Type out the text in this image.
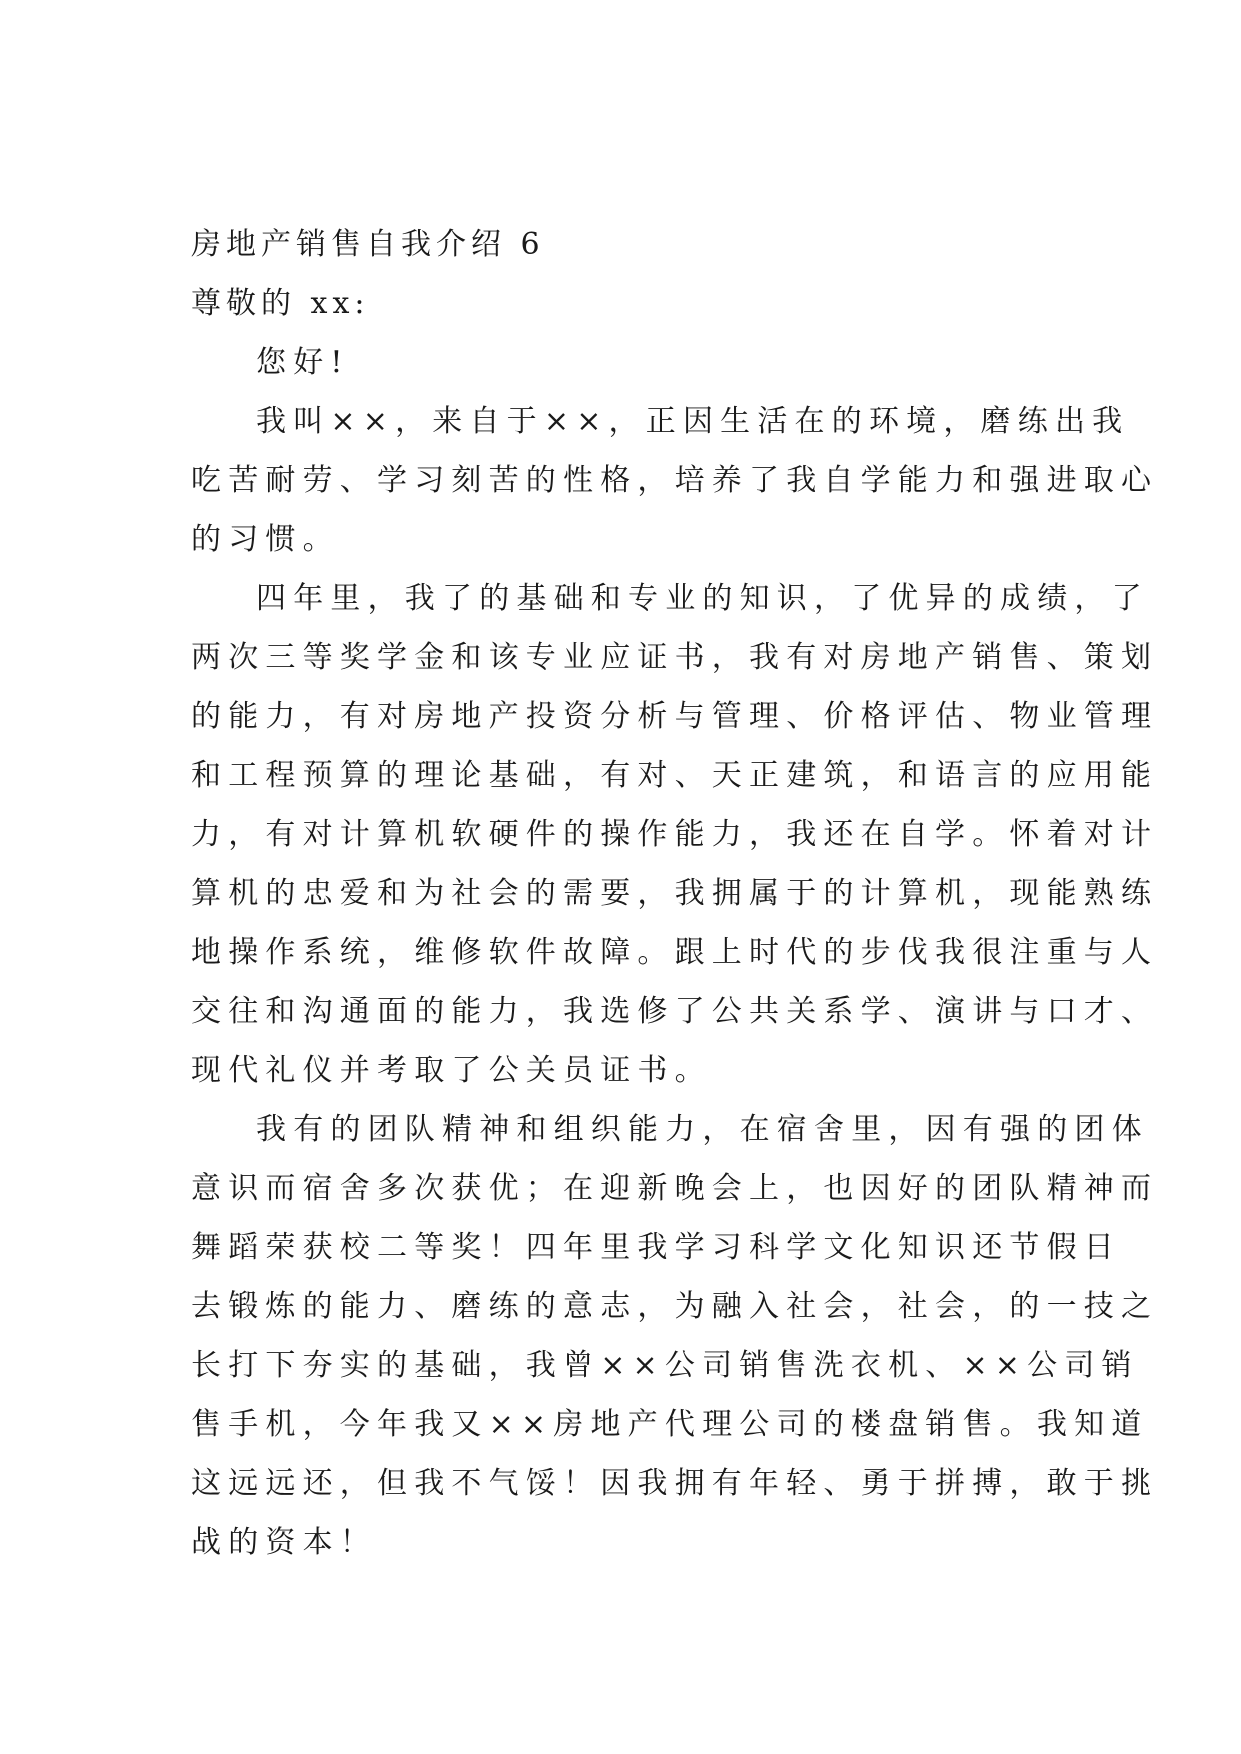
房地产销售自我介绍 6
尊敬的 xx:
您好!
我叫××，来自于××，正因生活在的环境，磨练出我
吃苦耐劳、学习刻苦的性格，培养了我自学能力和强进取心
的习惯。
四年里，我了的基础和专业的知识，了优异的成绩，了
两次三等奖学金和该专业应证书，我有对房地产销售、策划
的能力，有对房地产投资分析与管理、价格评估、物业管理
和工程预算的理论基础，有对、天正建筑，和语言的应用能
力，有对计算机软硬件的操作能力，我还在自学。怀着对计
算机的忠爱和为社会的需要，我拥属于的计算机，现能熟练
地操作系统，维修软件故障。跟上时代的步伐我很注重与人
交往和沟通面的能力，我选修了公共关系学、演讲与口才、
现代礼仪并考取了公关员证书。
我有的团队精神和组织能力，在宿舍里，因有强的团体
意识而宿舍多次获优；在迎新晚会上，也因好的团队精神而
舞蹈荣获校二等奖！四年里我学习科学文化知识还节假日
去锻炼的能力、磨练的意志，为融入社会，社会，的一技之
长打下夯实的基础，我曾××公司销售洗衣机、××公司销
售手机，今年我又××房地产代理公司的楼盘销售。我知道
这远远还，但我不气馁！因我拥有年轻、勇于拼搏，敢于挑
战的资本！
